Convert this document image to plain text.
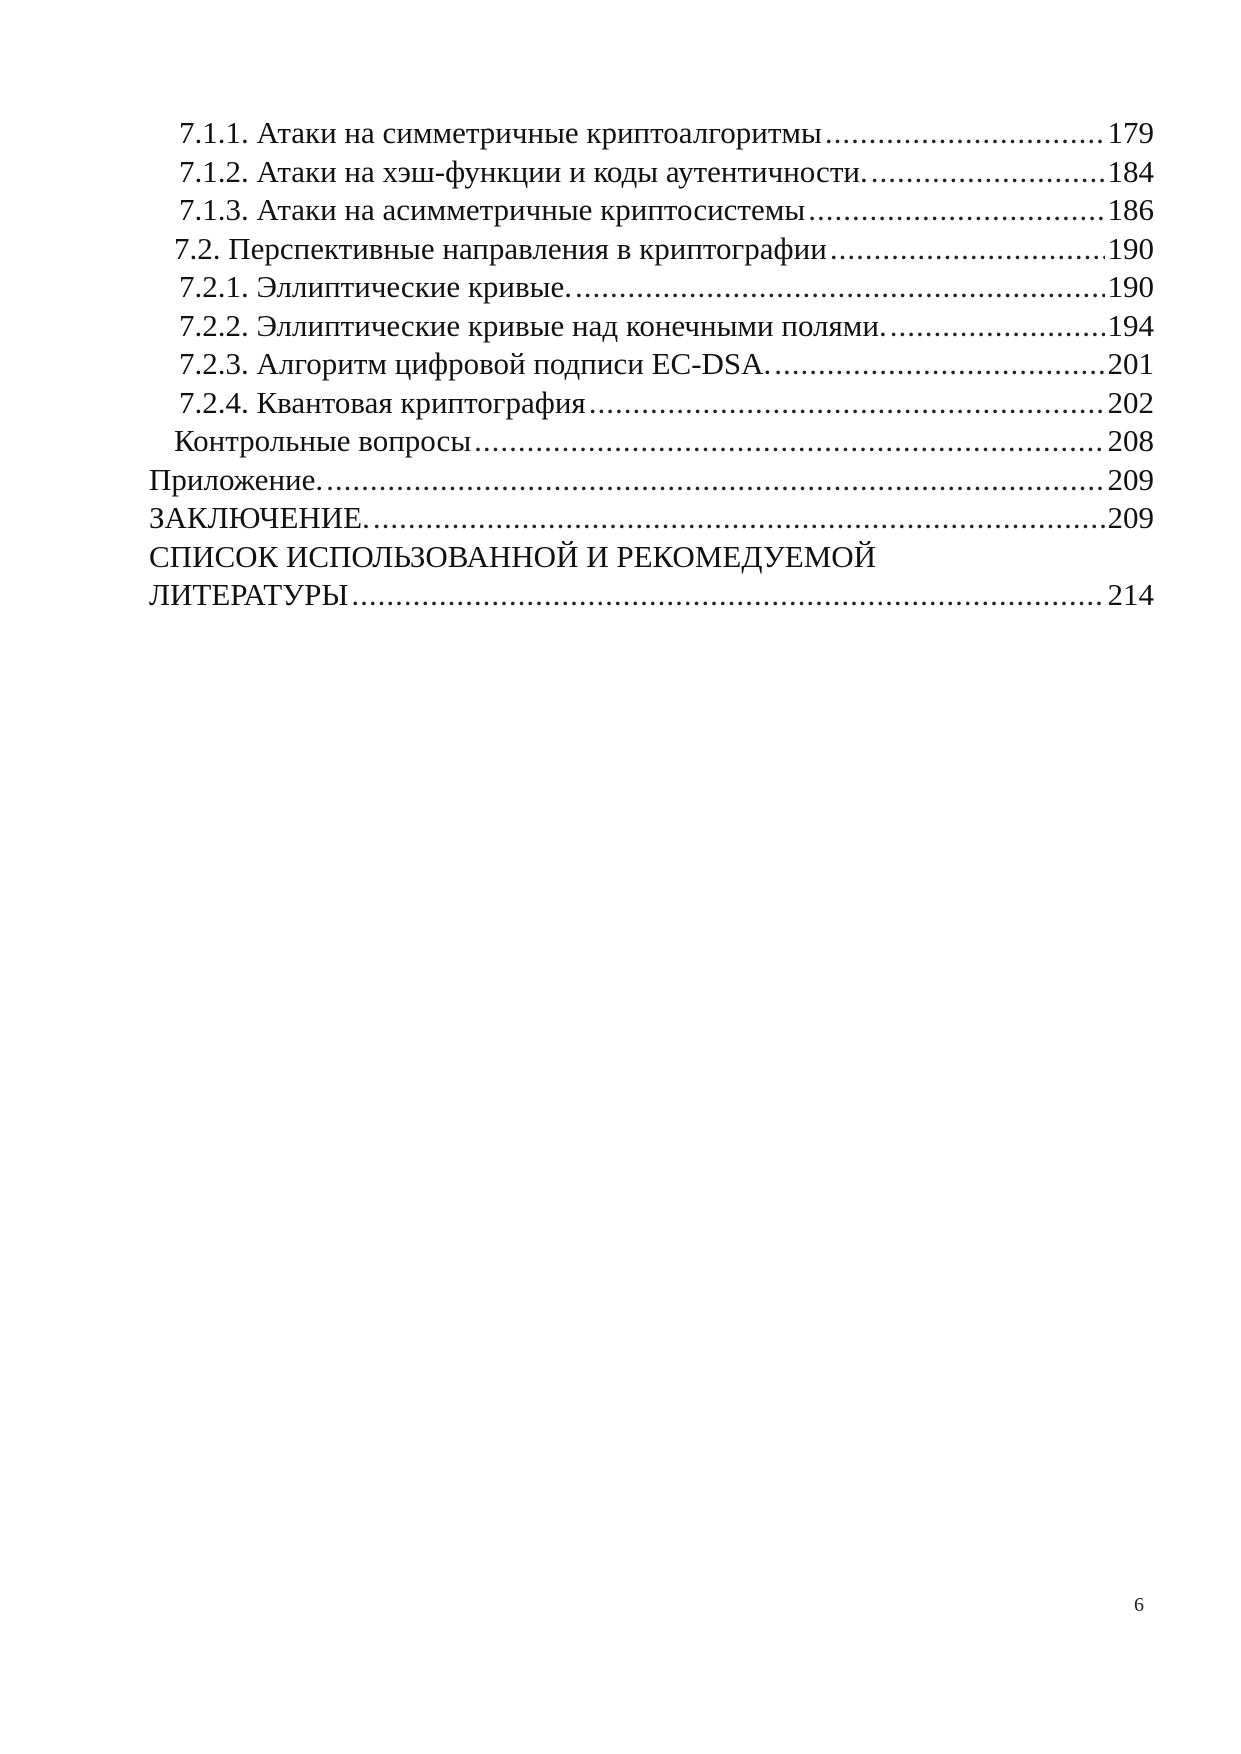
7.1.1. Атаки на симметричные криптоалгоритмы .....	179
7.1.2. Атаки на хэш-функции и коды аутентичности. .....	184
7.1.3. Атаки на асимметричные криптосистемы .....	186
7.2. Перспективные направления в криптографии .....	190
7.2.1. Эллиптические кривые. .....	190
7.2.2. Эллиптические кривые над конечными полями. .....	194
7.2.3. Алгоритм цифровой подписи EC-DSA. .....	201
7.2.4. Квантовая криптография .....	202
Контрольные вопросы .....	208
Приложение. .....	209
ЗАКЛЮЧЕНИЕ. .....	209
СПИСОК ИСПОЛЬЗОВАННОЙ И РЕКОМЕДУЕМОЙ
ЛИТЕРАТУРЫ .....	214
6
